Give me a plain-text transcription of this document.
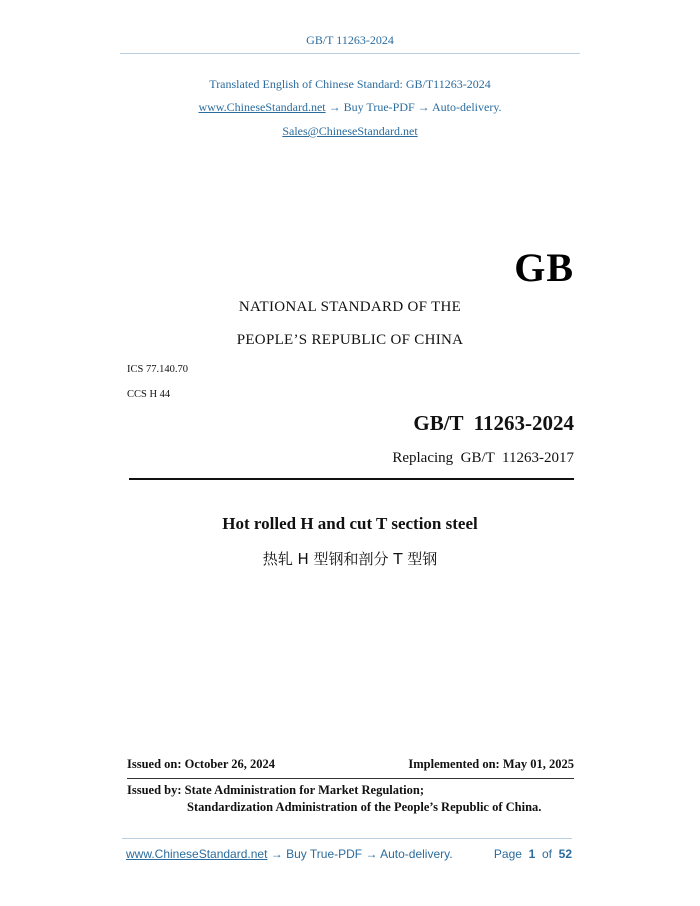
GB/T 11263-2024
Translated English of Chinese Standard: GB/T11263-2024
www.ChineseStandard.net → Buy True-PDF → Auto-delivery.
Sales@ChineseStandard.net
GB
NATIONAL STANDARD OF THE
PEOPLE’S REPUBLIC OF CHINA
ICS 77.140.70
CCS H 44
GB/T  11263-2024
Replacing  GB/T  11263-2017
Hot rolled H and cut T section steel
热轧 H 型钢和剖分 T 型钢
Issued on: October 26, 2024	Implemented on: May 01, 2025
Issued by: State Administration for Market Regulation;
Standardization Administration of the People’s Republic of China.
www.ChineseStandard.net → Buy True-PDF → Auto-delivery.	Page 1 of 52
